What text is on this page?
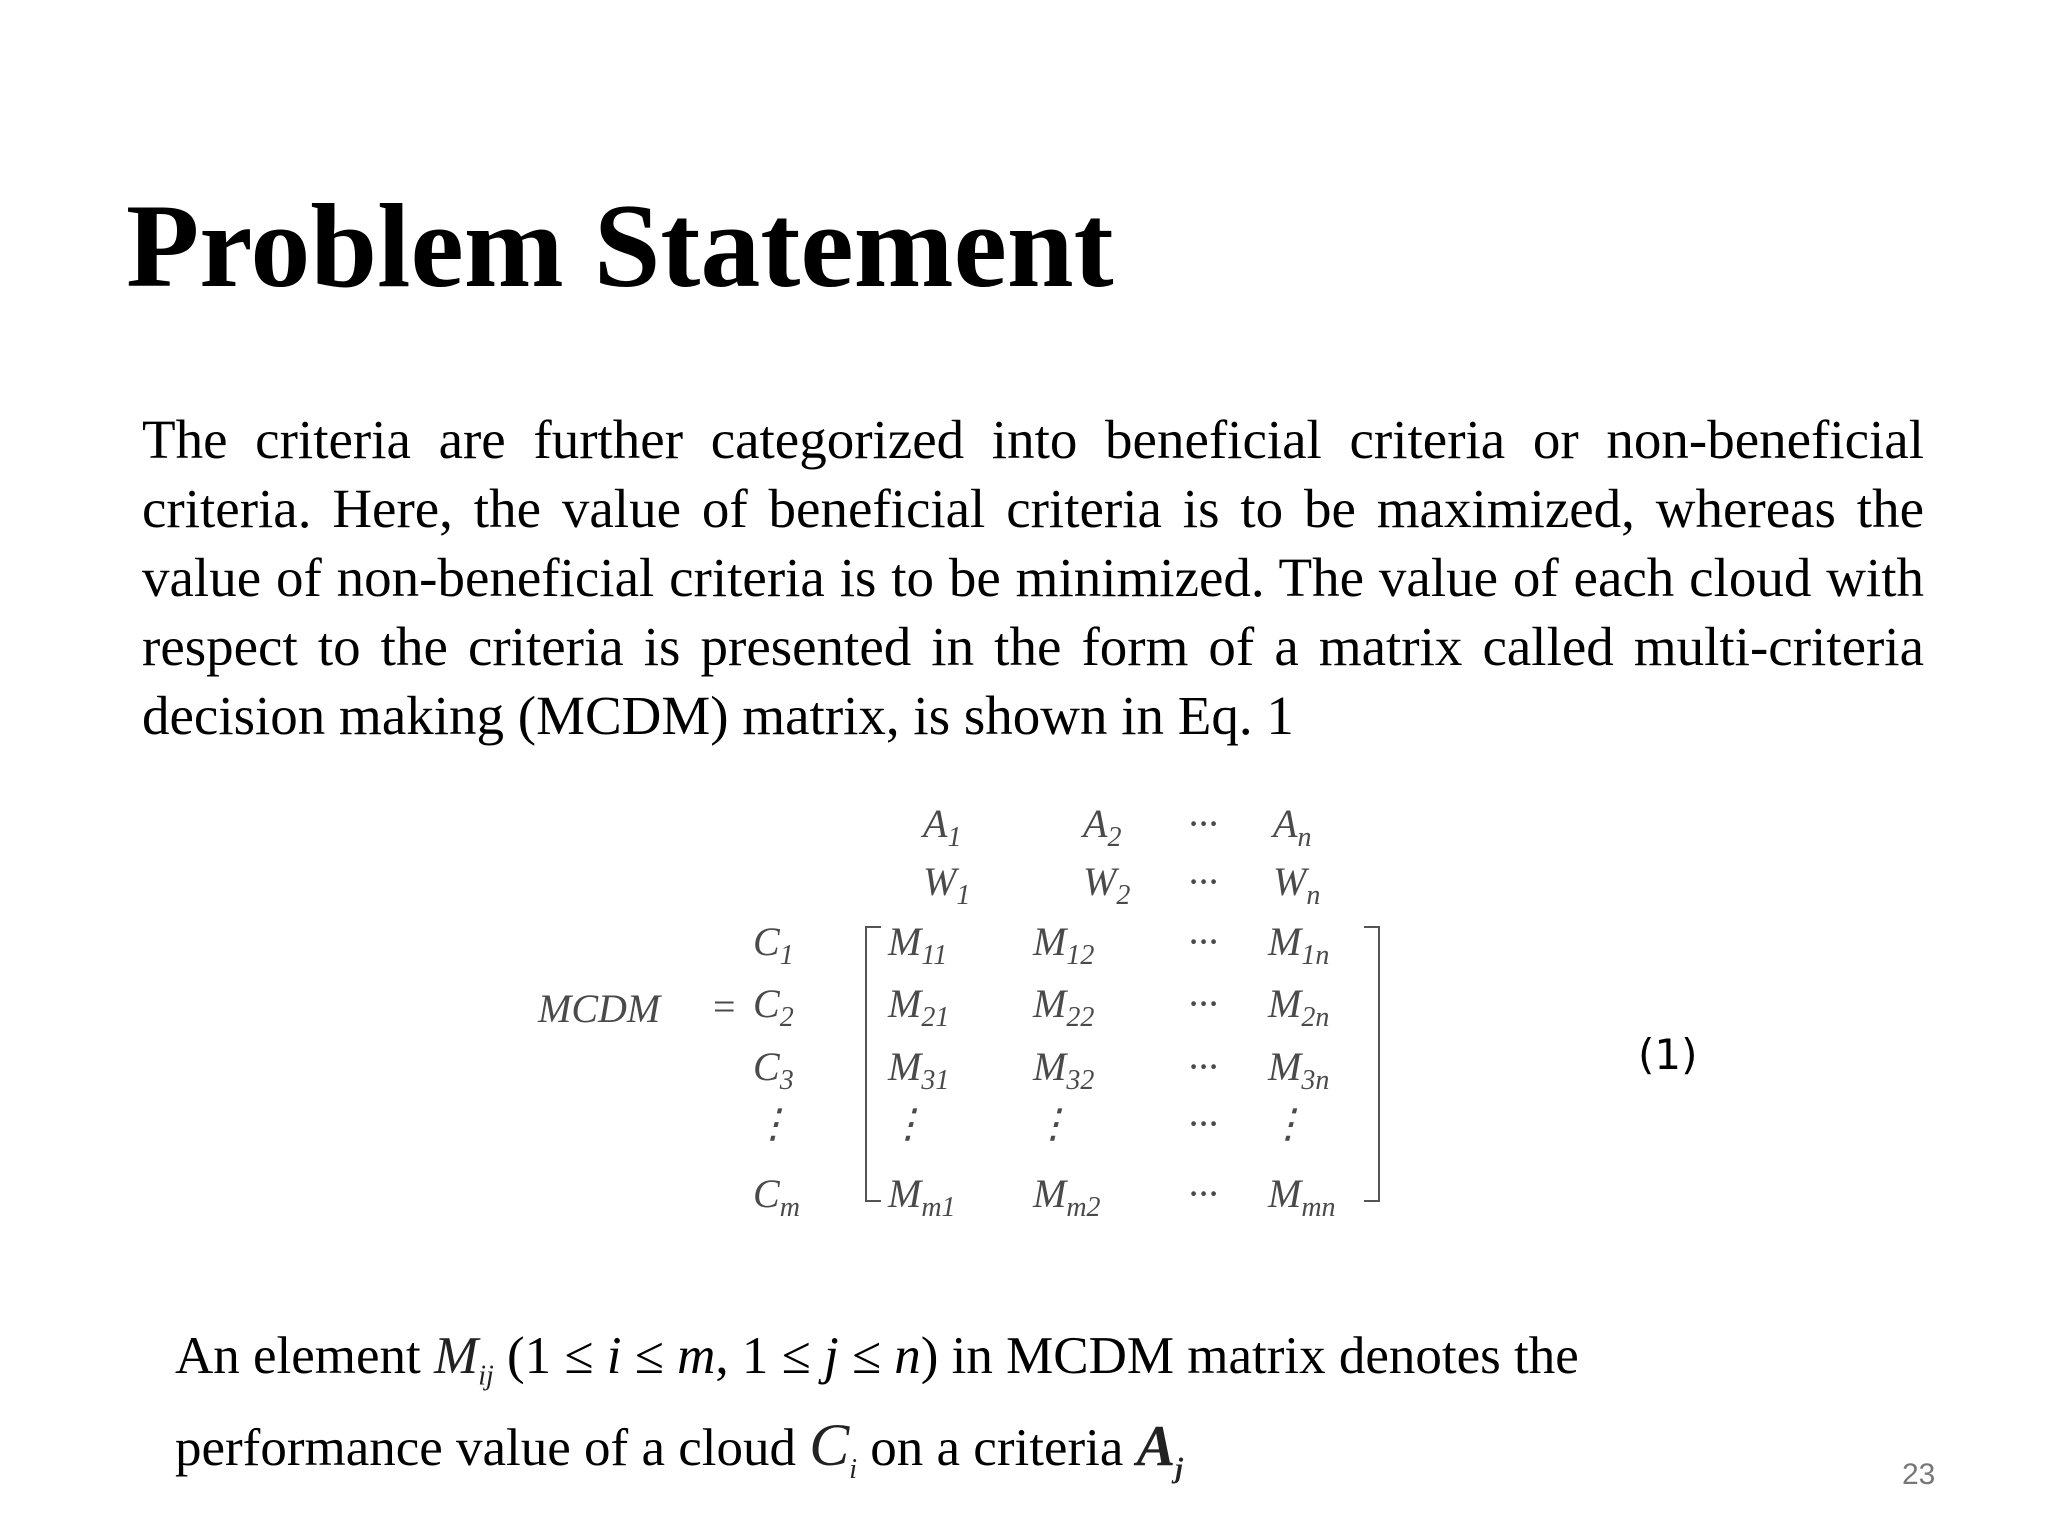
Problem Statement

The criteria are further categorized into beneficial criteria or non-beneficial criteria. Here, the value of beneficial criteria is to be maximized, whereas the value of non-beneficial criteria is to be minimized. The value of each cloud with respect to the criteria is presented in the form of a matrix called multi-criteria decision making (MCDM) matrix, is shown in Eq. 1

MCDM =
$A_1$	$A_2$ ··· $A_n$
$W_1$	$W_2$ ··· $W_n$
$C_1$ $M_{11}$ $M_{12}$ ··· $M_{1n}$
$C_2$ $M_{21}$ $M_{22}$ ··· $M_{2n}$
$C_3$ $M_{31}$ $M_{32}$ ··· $M_{3n}$
⋮ ⋮	⋮	··· ⋮
$C_m$ $M_{m1}$ $M_{m2}$ ··· $M_{mn}$
(1)

An element $M_{ij}$ (1 ≤ i ≤ m, 1 ≤ j ≤ n) in MCDM matrix denotes the
performance value of a cloud $C_i$ on a criteria $A_j$	23
